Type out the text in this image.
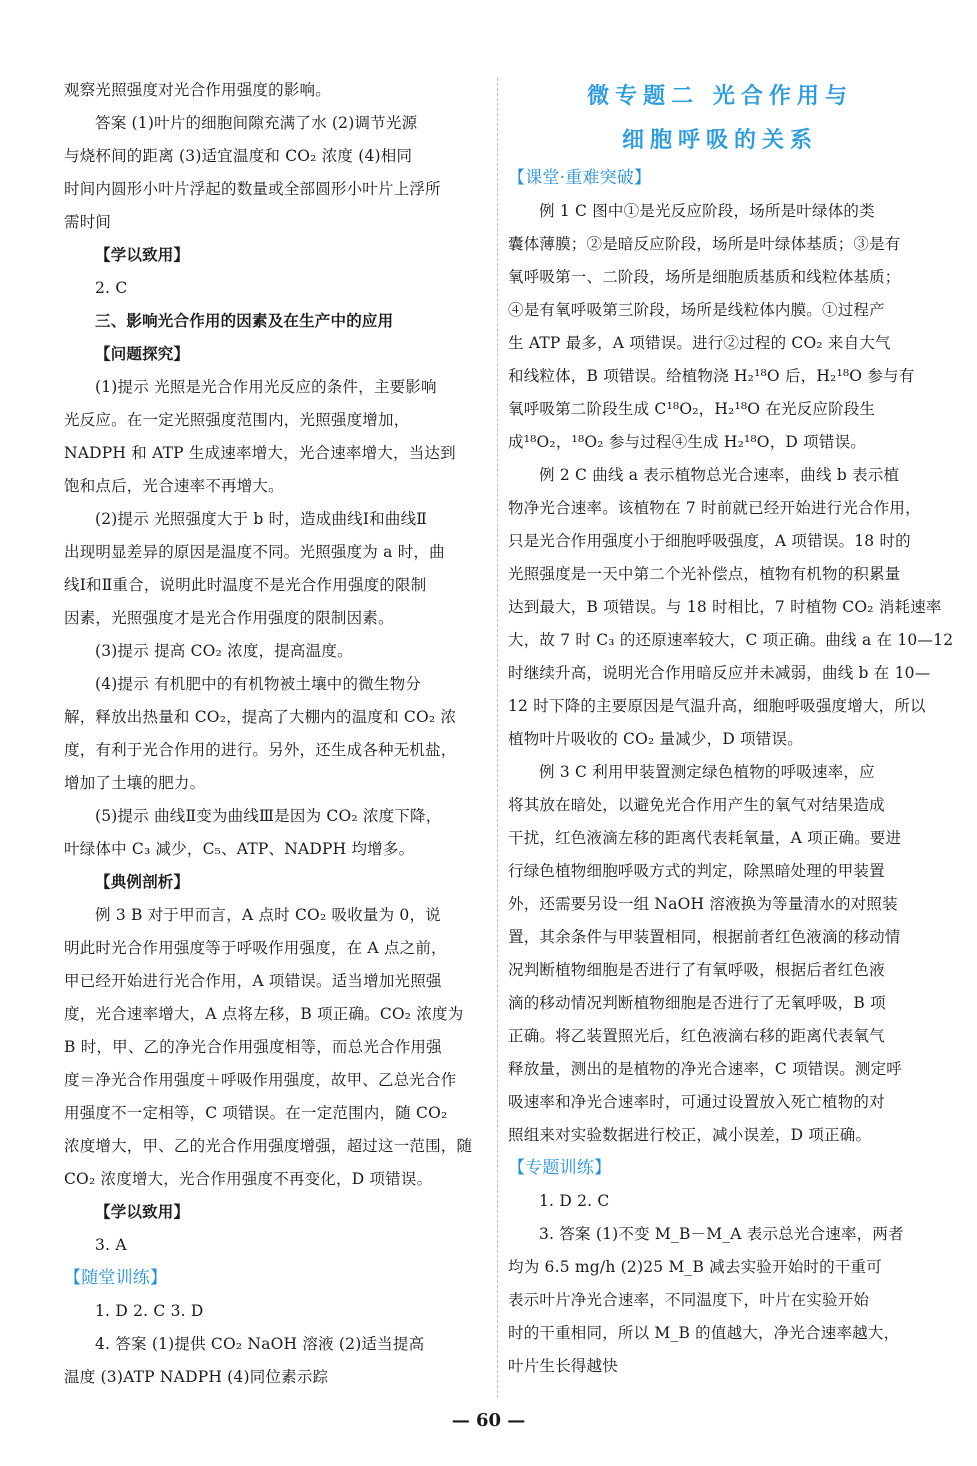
观察光照强度对光合作用强度的影响。
答案 (1)叶片的细胞间隙充满了水 (2)调节光源
与烧杯间的距离 (3)适宜温度和 CO₂ 浓度 (4)相同
时间内圆形小叶片浮起的数量或全部圆形小叶片上浮所
需时间
【学以致用】
2. C
三、影响光合作用的因素及在生产中的应用
【问题探究】
(1)提示 光照是光合作用光反应的条件，主要影响
光反应。在一定光照强度范围内，光照强度增加，
NADPH 和 ATP 生成速率增大，光合速率增大，当达到
饱和点后，光合速率不再增大。
(2)提示 光照强度大于 b 时，造成曲线Ⅰ和曲线Ⅱ
出现明显差异的原因是温度不同。光照强度为 a 时，曲
线Ⅰ和Ⅱ重合，说明此时温度不是光合作用强度的限制
因素，光照强度才是光合作用强度的限制因素。
(3)提示 提高 CO₂ 浓度，提高温度。
(4)提示 有机肥中的有机物被土壤中的微生物分
解，释放出热量和 CO₂，提高了大棚内的温度和 CO₂ 浓
度，有利于光合作用的进行。另外，还生成各种无机盐，
增加了土壤的肥力。
(5)提示 曲线Ⅱ变为曲线Ⅲ是因为 CO₂ 浓度下降，
叶绿体中 C₃ 减少，C₅、ATP、NADPH 均增多。
【典例剖析】
例 3 B 对于甲而言，A 点时 CO₂ 吸收量为 0，说
明此时光合作用强度等于呼吸作用强度，在 A 点之前，
甲已经开始进行光合作用，A 项错误。适当增加光照强
度，光合速率增大，A 点将左移，B 项正确。CO₂ 浓度为
B 时，甲、乙的净光合作用强度相等，而总光合作用强
度＝净光合作用强度＋呼吸作用强度，故甲、乙总光合作
用强度不一定相等，C 项错误。在一定范围内，随 CO₂
浓度增大，甲、乙的光合作用强度增强，超过这一范围，随
CO₂ 浓度增大，光合作用强度不再变化，D 项错误。
【学以致用】
3. A
【随堂训练】
1. D 2. C 3. D
4. 答案 (1)提供 CO₂ NaOH 溶液 (2)适当提高
温度 (3)ATP NADPH (4)同位素示踪
微专题二 光合作用与
细胞呼吸的关系
【课堂·重难突破】
例 1 C 图中①是光反应阶段，场所是叶绿体的类
囊体薄膜；②是暗反应阶段，场所是叶绿体基质；③是有
氧呼吸第一、二阶段，场所是细胞质基质和线粒体基质；
④是有氧呼吸第三阶段，场所是线粒体内膜。①过程产
生 ATP 最多，A 项错误。进行②过程的 CO₂ 来自大气
和线粒体，B 项错误。给植物浇 H₂¹⁸O 后，H₂¹⁸O 参与有
氧呼吸第二阶段生成 C¹⁸O₂，H₂¹⁸O 在光反应阶段生
成¹⁸O₂，¹⁸O₂ 参与过程④生成 H₂¹⁸O，D 项错误。
例 2 C 曲线 a 表示植物总光合速率，曲线 b 表示植
物净光合速率。该植物在 7 时前就已经开始进行光合作用，
只是光合作用强度小于细胞呼吸强度，A 项错误。18 时的
光照强度是一天中第二个光补偿点，植物有机物的积累量
达到最大，B 项错误。与 18 时相比，7 时植物 CO₂ 消耗速率
大，故 7 时 C₃ 的还原速率较大，C 项正确。曲线 a 在 10—12
时继续升高，说明光合作用暗反应并未减弱，曲线 b 在 10—
12 时下降的主要原因是气温升高，细胞呼吸强度增大，所以
植物叶片吸收的 CO₂ 量减少，D 项错误。
例 3 C 利用甲装置测定绿色植物的呼吸速率，应
将其放在暗处，以避免光合作用产生的氧气对结果造成
干扰，红色液滴左移的距离代表耗氧量，A 项正确。要进
行绿色植物细胞呼吸方式的判定，除黑暗处理的甲装置
外，还需要另设一组 NaOH 溶液换为等量清水的对照装
置，其余条件与甲装置相同，根据前者红色液滴的移动情
况判断植物细胞是否进行了有氧呼吸，根据后者红色液
滴的移动情况判断植物细胞是否进行了无氧呼吸，B 项
正确。将乙装置照光后，红色液滴右移的距离代表氧气
释放量，测出的是植物的净光合速率，C 项错误。测定呼
吸速率和净光合速率时，可通过设置放入死亡植物的对
照组来对实验数据进行校正，减小误差，D 项正确。
【专题训练】
1. D 2. C
3. 答案 (1)不变 M_B－M_A 表示总光合速率，两者
均为 6.5 mg/h (2)25 M_B 减去实验开始时的干重可
表示叶片净光合速率，不同温度下，叶片在实验开始
时的干重相同，所以 M_B 的值越大，净光合速率越大，
叶片生长得越快
— 60 —
